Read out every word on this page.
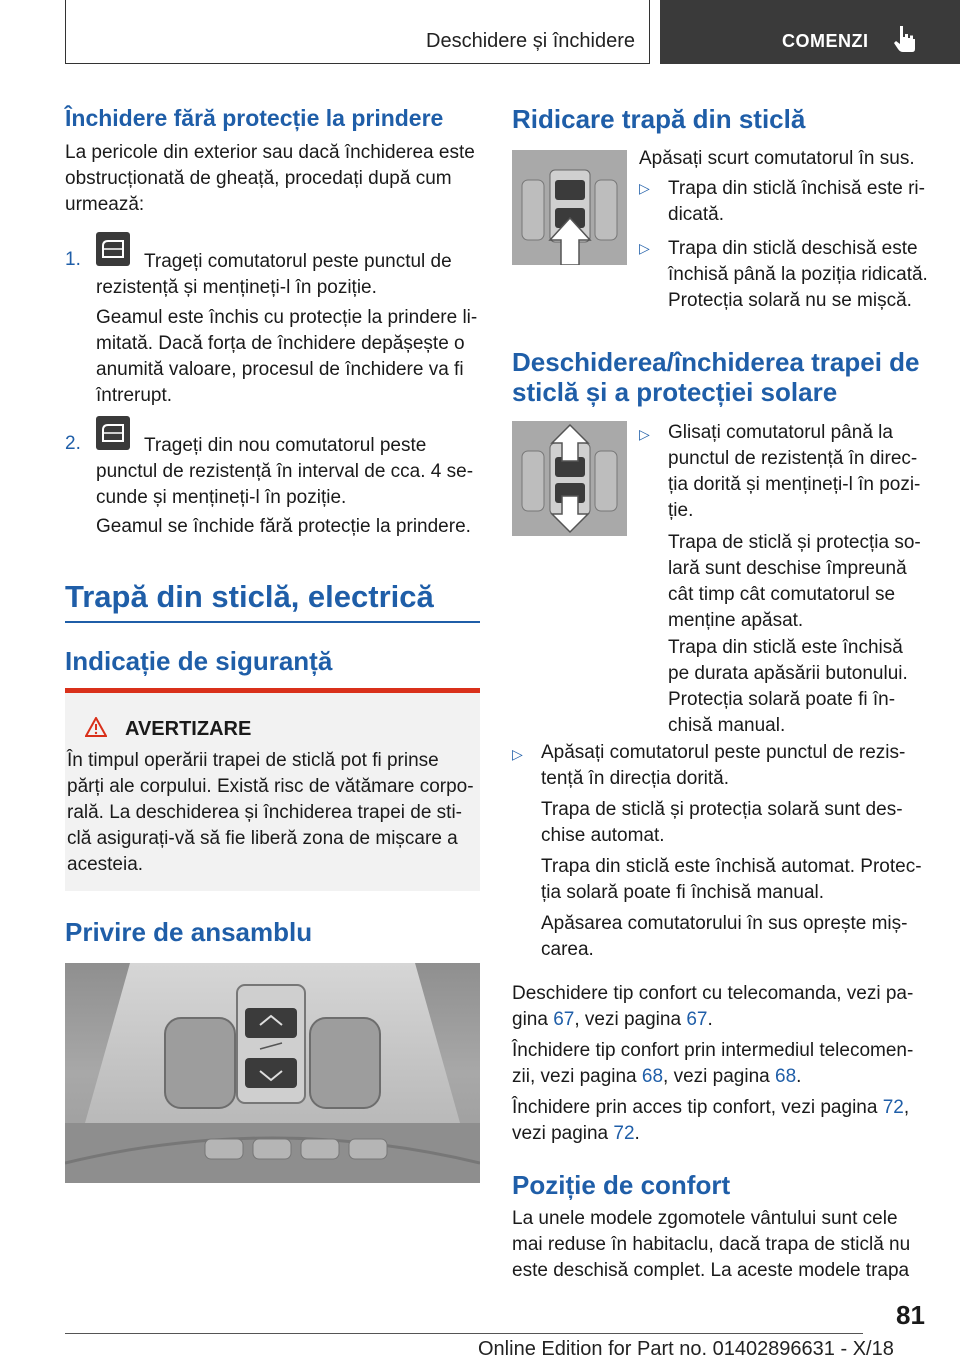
Deschidere și închidere	COMENZI
Închidere fără protecție la prindere

La pericole din exterior sau dacă închiderea este

obstrucționată de gheață, procedați după cum

urmează:

1.	Trageți comutatorul peste punctul de

rezistență și mențineți-l în poziție.

Geamul este închis cu protecție la prindere li-

mitată. Dacă forța de închidere depășește o

anumită valoare, procesul de închidere va fi

întrerupt.

2.	Trageți din nou comutatorul peste

punctul de rezistență în interval de cca. 4 se-

cunde și mențineți-l în poziție.

Geamul se închide fără protecție la prindere.

Trapă din sticlă, electrică
Indicație de siguranță
AVERTIZARE

În timpul operării trapei de sticlă pot fi prinse

părți ale corpului. Există risc de vătămare corpo-

rală. La deschiderea și închiderea trapei de sti-

clă asigurați-vă să fie liberă zona de mișcare a

acesteia.

Privire de ansamblu
Ridicare trapă din sticlă
Apăsați scurt comutatorul în sus.
▷ Trapa din sticlă închisă este ri-

dicată.

▷ Trapa din sticlă deschisă este

închisă până la poziția ridicată.

Protecția solară nu se mișcă.

Deschiderea/închiderea trapei de

sticlă și a protecției solare

▷ Glisați comutatorul până la

punctul de rezistență în direc-

ția dorită și mențineți-l în pozi-

ție.

Trapa de sticlă și protecția so-

lară sunt deschise împreună

cât timp cât comutatorul se

menține apăsat.

Trapa din sticlă este închisă

pe durata apăsării butonului.

Protecția solară poate fi în-

chisă manual.

▷ Apăsați comutatorul peste punctul de rezis-

tență în direcția dorită.

Trapa de sticlă și protecția solară sunt des-

chise automat.

Trapa din sticlă este închisă automat. Protec-

ția solară poate fi închisă manual.

Apăsarea comutatorului în sus oprește miș-

carea.

Deschidere tip confort cu telecomanda, vezi pa-

gina 67, vezi pagina 67.

Închidere tip confort prin intermediul telecomen-

zii, vezi pagina 68, vezi pagina 68.

Închidere prin acces tip confort, vezi pagina 72,

vezi pagina 72.

Poziție de confort

La unele modele zgomotele vântului sunt cele

mai reduse în habitaclu, dacă trapa de sticlă nu

este deschisă complet. La aceste modele trapa

81
Online Edition for Part no. 01402896631 - X/18
